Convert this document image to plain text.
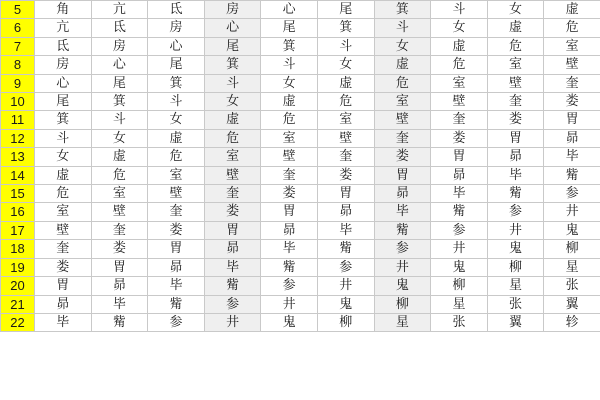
5	角	亢	氐	房	心	尾	箕	斗	女	虚
6	亢	氐	房	心	尾	箕	斗	女	虚	危
7	氐	房	心	尾	箕	斗	女	虚	危	室
8	房	心	尾	箕	斗	女	虚	危	室	壁
9	心	尾	箕	斗	女	虚	危	室	壁	奎
10	尾	箕	斗	女	虚	危	室	壁	奎	娄
11	箕	斗	女	虚	危	室	壁	奎	娄	胃
12	斗	女	虚	危	室	壁	奎	娄	胃	昴
13	女	虚	危	室	壁	奎	娄	胃	昴	毕
14	虚	危	室	壁	奎	娄	胃	昴	毕	觜
15	危	室	壁	奎	娄	胃	昴	毕	觜	参
16	室	壁	奎	娄	胃	昴	毕	觜	参	井
17	壁	奎	娄	胃	昴	毕	觜	参	井	鬼
18	奎	娄	胃	昴	毕	觜	参	井	鬼	柳
19	娄	胃	昴	毕	觜	参	井	鬼	柳	星
20	胃	昴	毕	觜	参	井	鬼	柳	星	张
21	昴	毕	觜	参	井	鬼	柳	星	张	翼
22	毕	觜	参	井	鬼	柳	星	张	翼	轸
